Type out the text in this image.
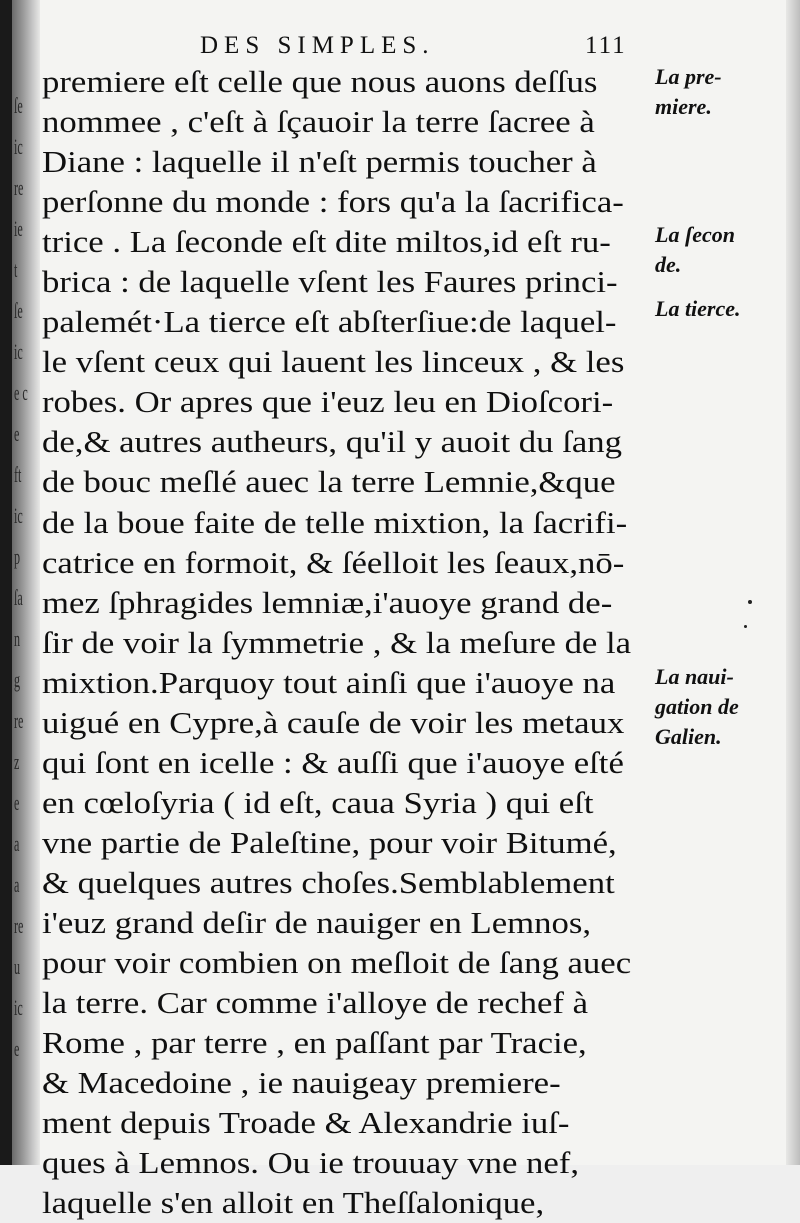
ſe
ic
re
ie
t
ſe
ic
e c
e
ft
ic
p
ſa
n
g
re
z
e
a
a
re
u
ic
e
DES SIMPLES.	111
premiere eſt celle que nous auons deſſus
nommee , c'eſt à ſçauoir la terre ſacree à
Diane : laquelle il n'eſt permis toucher à
perſonne du monde : fors qu'a la ſacrifica-
trice . La ſeconde eſt dite miltos,id eſt ru-
brica : de laquelle vſent les Faures princi-
palemét·La tierce eſt abſterſiue:de laquel-
le vſent ceux qui lauent les linceux , & les
robes. Or apres que i'euz leu en Dioſcori-
de,& autres autheurs, qu'il y auoit du ſang
de bouc meſlé auec la terre Lemnie,&que
de la boue faite de telle mixtion, la ſacrifi-
catrice en formoit, & ſéelloit les ſeaux,nō-
mez ſphragides lemniæ,i'auoye grand de-
ſir de voir la ſymmetrie , & la meſure de la
mixtion.Parquoy tout ainſi que i'auoye na
uigué en Cypre,à cauſe de voir les metaux
qui ſont en icelle : & auſſi que i'auoye eſté
en cœloſyria ( id eſt, caua Syria ) qui eſt
vne partie de Paleſtine, pour voir Bitumé,
& quelques autres choſes.Semblablement
i'euz grand deſir de nauiger en Lemnos,
pour voir combien on meſloit de ſang auec
la terre. Car comme i'alloye de rechef à
Rome , par terre , en paſſant par Tracie,
& Macedoine , ie nauigeay premiere-
ment depuis Troade & Alexandrie iuſ-
ques à Lemnos. Ou ie trouuay vne nef,
laquelle s'en alloit en Theſſalonique,
La pre-
miere.
La ſecon
de.
La tierce.
La naui-
gation de
Galien.
